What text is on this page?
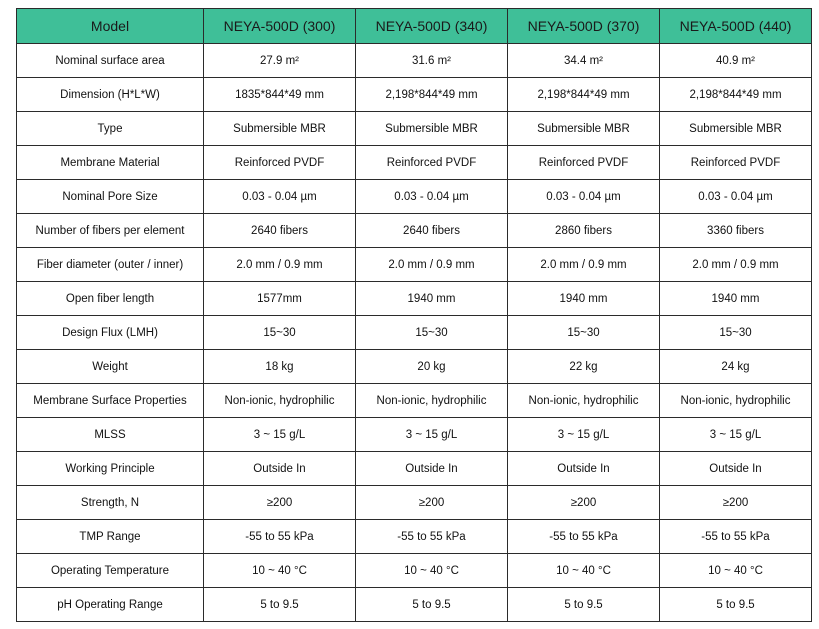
Model	NEYA-500D (300)	NEYA-500D (340)	NEYA-500D (370)	NEYA-500D (440)
Nominal surface area	27.9 m²	31.6 m²	34.4 m²	40.9 m²
Dimension (H*L*W)	1835*844*49 mm	2,198*844*49 mm	2,198*844*49 mm	2,198*844*49 mm
Type	Submersible MBR	Submersible MBR	Submersible MBR	Submersible MBR
Membrane Material	Reinforced PVDF	Reinforced PVDF	Reinforced PVDF	Reinforced PVDF
Nominal Pore Size	0.03 - 0.04 µm	0.03 - 0.04 µm	0.03 - 0.04 µm	0.03 - 0.04 µm
Number of fibers per element	2640 fibers	2640 fibers	2860 fibers	3360 fibers
Fiber diameter (outer / inner)	2.0 mm / 0.9 mm	2.0 mm / 0.9 mm	2.0 mm / 0.9 mm	2.0 mm / 0.9 mm
Open fiber length	1577mm	1940 mm	1940 mm	1940 mm
Design Flux (LMH)	15~30	15~30	15~30	15~30
Weight	18 kg	20 kg	22 kg	24 kg
Membrane Surface Properties	Non-ionic, hydrophilic	Non-ionic, hydrophilic	Non-ionic, hydrophilic	Non-ionic, hydrophilic
MLSS	3 ~ 15 g/L	3 ~ 15 g/L	3 ~ 15 g/L	3 ~ 15 g/L
Working Principle	Outside In	Outside In	Outside In	Outside In
Strength, N	≥200	≥200	≥200	≥200
TMP Range	-55 to 55 kPa	-55 to 55 kPa	-55 to 55 kPa	-55 to 55 kPa
Operating Temperature	10 ~ 40 °C	10 ~ 40 °C	10 ~ 40 °C	10 ~ 40 °C
pH Operating Range	5 to 9.5	5 to 9.5	5 to 9.5	5 to 9.5
